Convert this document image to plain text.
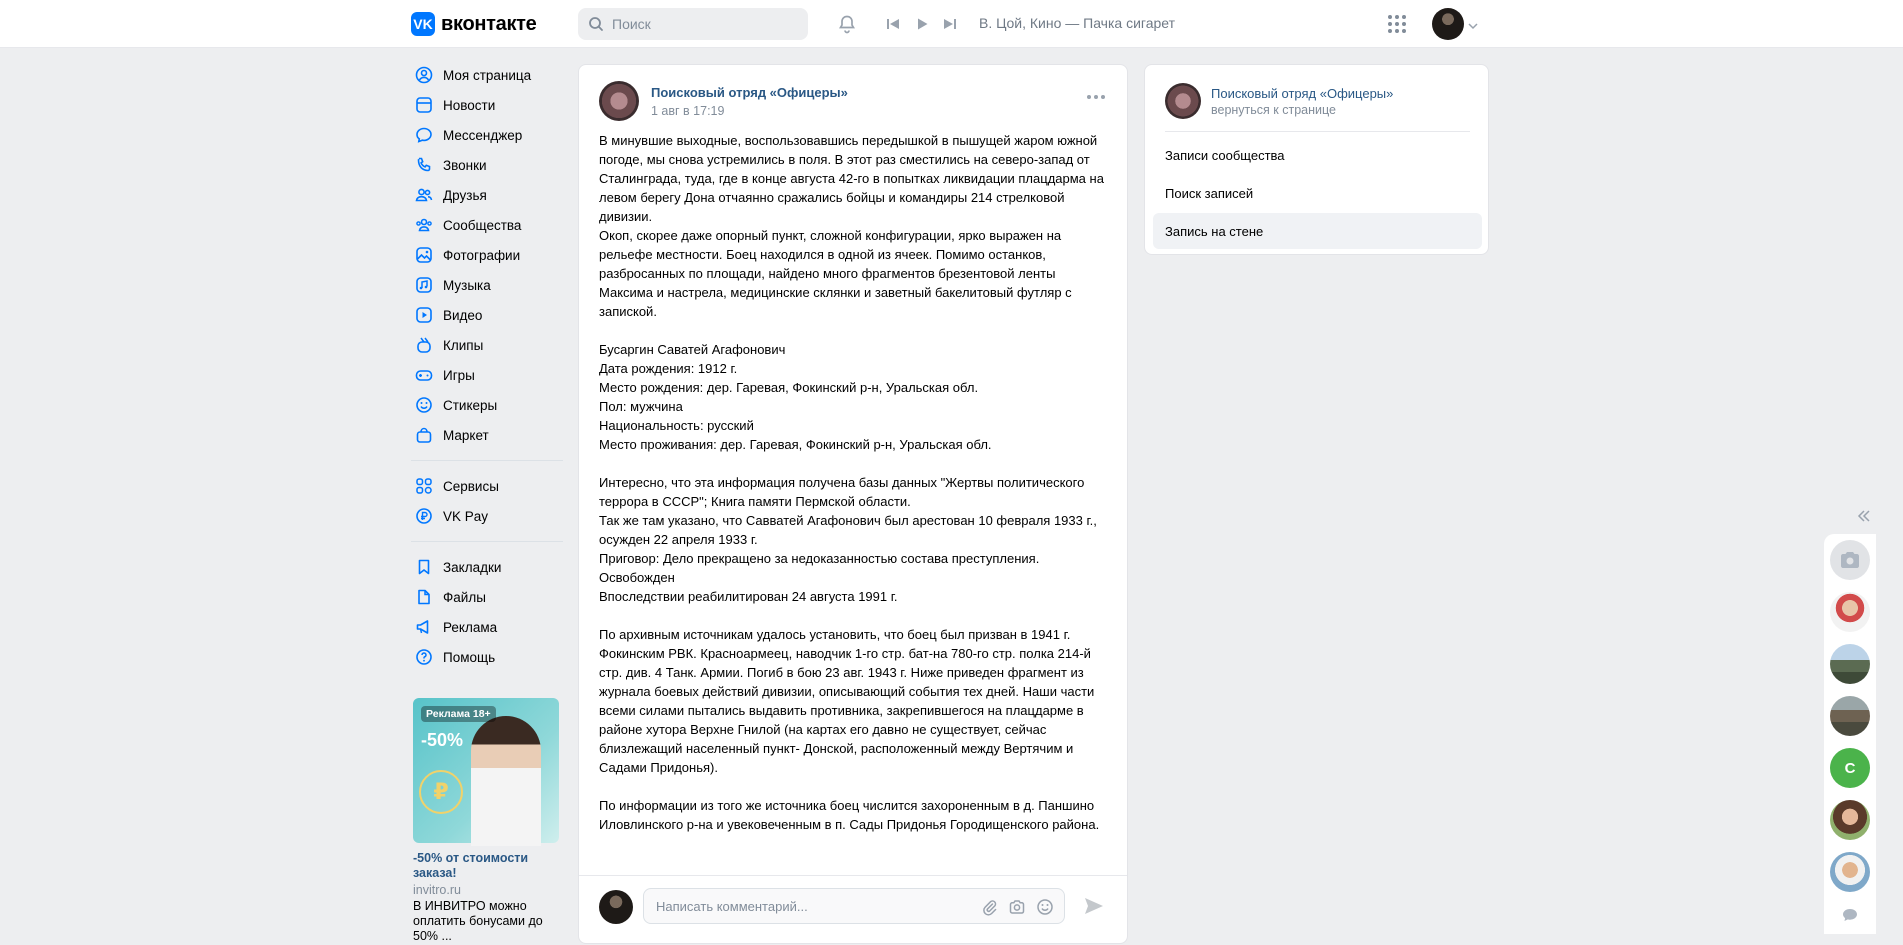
VK вконтакте
Поиск	В. Цой, Кино — Пачка сигарет
Моя страница
Новости
Мессенджер
Звонки
Друзья
Сообщества
Фотографии
Музыка
Видео
Клипы
Игры
Стикеры
Маркет
Сервисы
VK Pay
Закладки
Файлы
Реклама
Помощь
Реклама 18+
-50%
₽
-50% от стоимости заказа!
invitro.ru
В ИНВИТРО можно оплатить бонусами до 50% ...
Поисковый отряд «Офицеры»
1 авг в 17:19

В минувшие выходные, воспользовавшись передышкой в пышущей жаром южной погоде, мы снова устремились в поля. В этот раз сместились на северо-запад от Сталинграда, туда, где в конце августа 42-го в попытках ликвидации плацдарма на левом берегу Дона отчаянно сражались бойцы и командиры 214 стрелковой дивизии.
Окоп, скорее даже опорный пункт, сложной конфигурации, ярко выражен на рельефе местности. Боец находился в одной из ячеек. Помимо останков, разбросанных по площади, найдено много фрагментов брезентовой ленты Максима и настрела, медицинские склянки и заветный бакелитовый футляр с запиской.

Бусаргин Саватей Агафонович
Дата рождения: 1912 г.
Место рождения: дер. Гаревая, Фокинский р-н, Уральская обл.
Пол: мужчина
Национальность: русский
Место проживания: дер. Гаревая, Фокинский р-н, Уральская обл.

Интересно, что эта информация получена базы данных "Жертвы политического террора в СССР"; Книга памяти Пермской области.
Так же там указано, что Савватей Агафонович был арестован 10 февраля 1933 г., осужден 22 апреля 1933 г.
Приговор: Дело прекращено за недоказанностью состава преступления. Освобожден
Впоследствии реабилитирован 24 августа 1991 г.

По архивным источникам удалось установить, что боец был призван в 1941 г. Фокинским РВК. Красноармеец, наводчик 1-го стр. бат-на 780-го стр. полка 214-й стр. див. 4 Танк. Армии. Погиб в бою 23 авг. 1943 г. Ниже приведен фрагмент из журнала боевых действий дивизии, описывающий события тех дней. Наши части всеми силами пытались выдавить противника, закрепившегося на плацдарме в районе хутора Верхне Гнилой (на картах его давно не существует, сейчас близлежащий населенный пункт- Донской, расположенный между Вертячим и Садами Придонья).

По информации из того же источника боец числится захороненным в д. Паншино Иловлинского р-на и увековеченным в п. Сады Придонья Городищенского района.

Написать комментарий...
Поисковый отряд «Офицеры»
вернуться к странице
Записи сообщества
Поиск записей
Запись на стене
С
